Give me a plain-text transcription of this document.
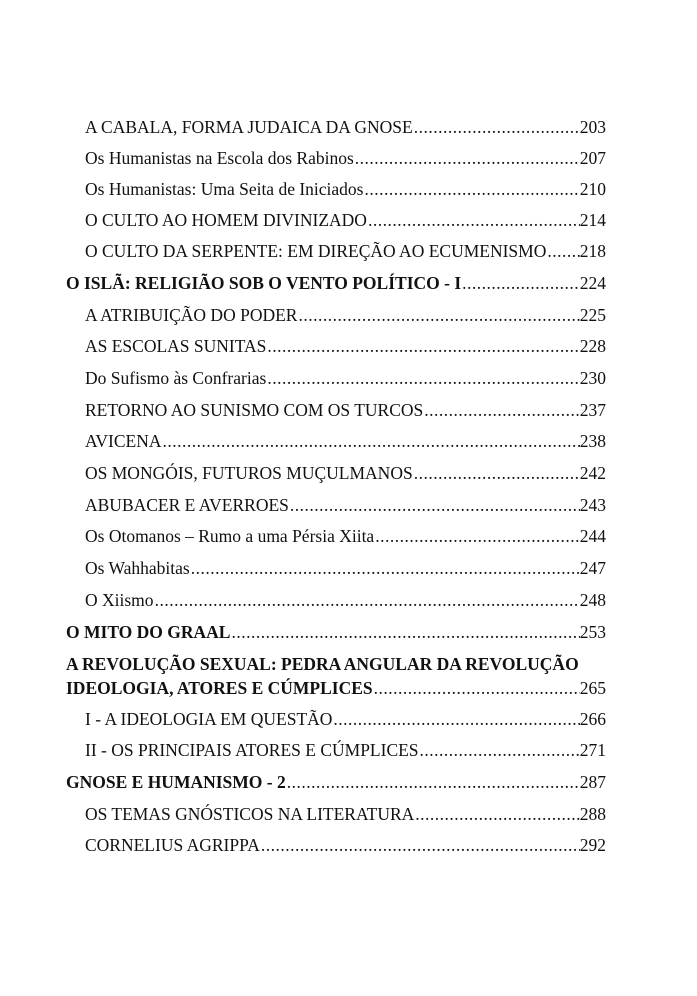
A CABALA, FORMA JUDAICA DA GNOSE .....	203
Os Humanistas na Escola dos Rabinos .....	207
Os Humanistas: Uma Seita de Iniciados .....	210
O CULTO AO HOMEM DIVINIZADO .....	214
O CULTO DA SERPENTE: EM DIREÇÃO AO ECUMENISMO ..... 218
O ISLÃ: RELIGIÃO SOB O VENTO POLÍTICO - I .....	224
A ATRIBUIÇÃO DO PODER .....	225
AS ESCOLAS SUNITAS .....	228
Do Sufismo às Confrarias .....	230
RETORNO AO SUNISMO COM OS TURCOS .....	237
AVICENA .....	238
OS MONGÓIS, FUTUROS MUÇULMANOS .....	242
ABUBACER E AVERROES .....	243
Os Otomanos – Rumo a uma Pérsia Xiita .....	244
Os Wahhabitas .....	247
O Xiismo .....	248
O MITO DO GRAAL .....	253
A REVOLUÇÃO SEXUAL: PEDRA ANGULAR DA REVOLUÇÃO
IDEOLOGIA, ATORES E CÚMPLICES .....	265
I - A IDEOLOGIA EM QUESTÃO .....	266
II - OS PRINCIPAIS ATORES E CÚMPLICES .....	271
GNOSE E HUMANISMO - 2 .....	287
OS TEMAS GNÓSTICOS NA LITERATURA .....	288
CORNELIUS AGRIPPA .....	292
